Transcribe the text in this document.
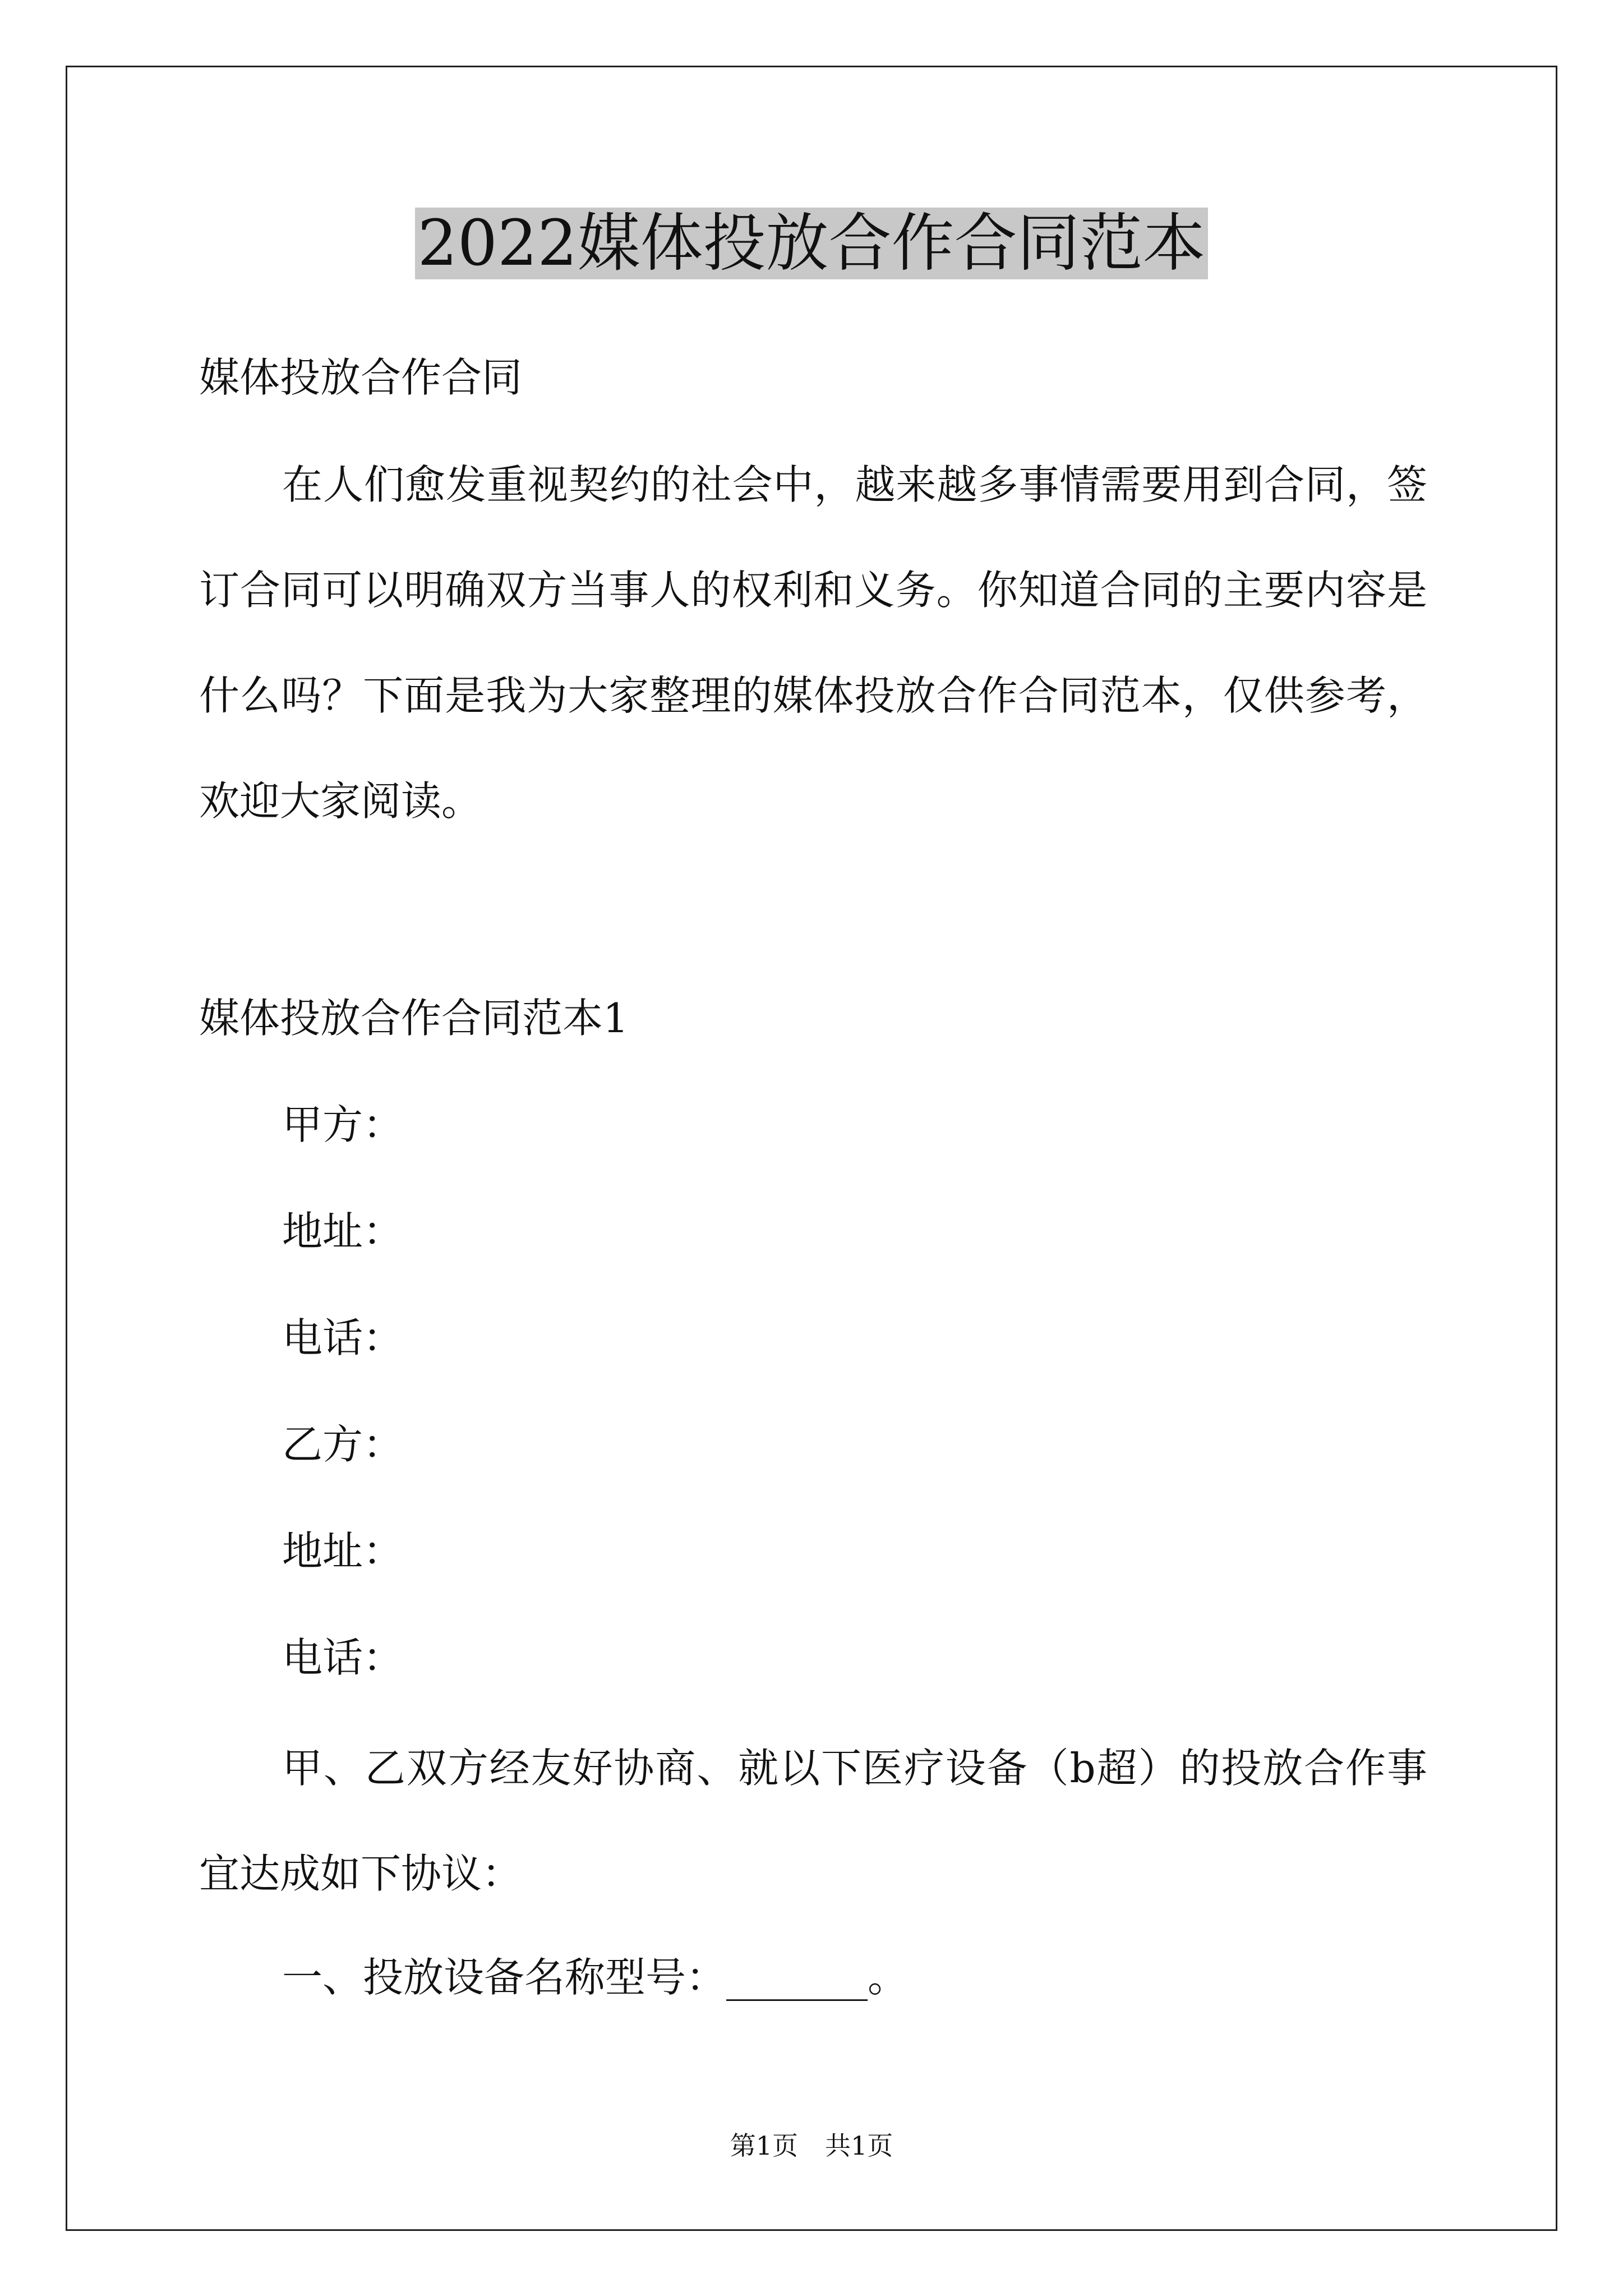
2022媒体投放合作合同范本
媒体投放合作合同

在人们愈发重视契约的社会中，越来越多事情需要用到合同，签订合同可以明确双方当事人的权利和义务。你知道合同的主要内容是什么吗？下面是我为大家整理的媒体投放合作合同范本，仅供参考，欢迎大家阅读。

媒体投放合作合同范本1
甲方：
地址：
电话：
乙方：
地址：
电话：

甲、乙双方经友好协商、就以下医疗设备（b超）的投放合作事宜达成如下协议：

一、投放设备名称型号：_______。
第1页 共1页
